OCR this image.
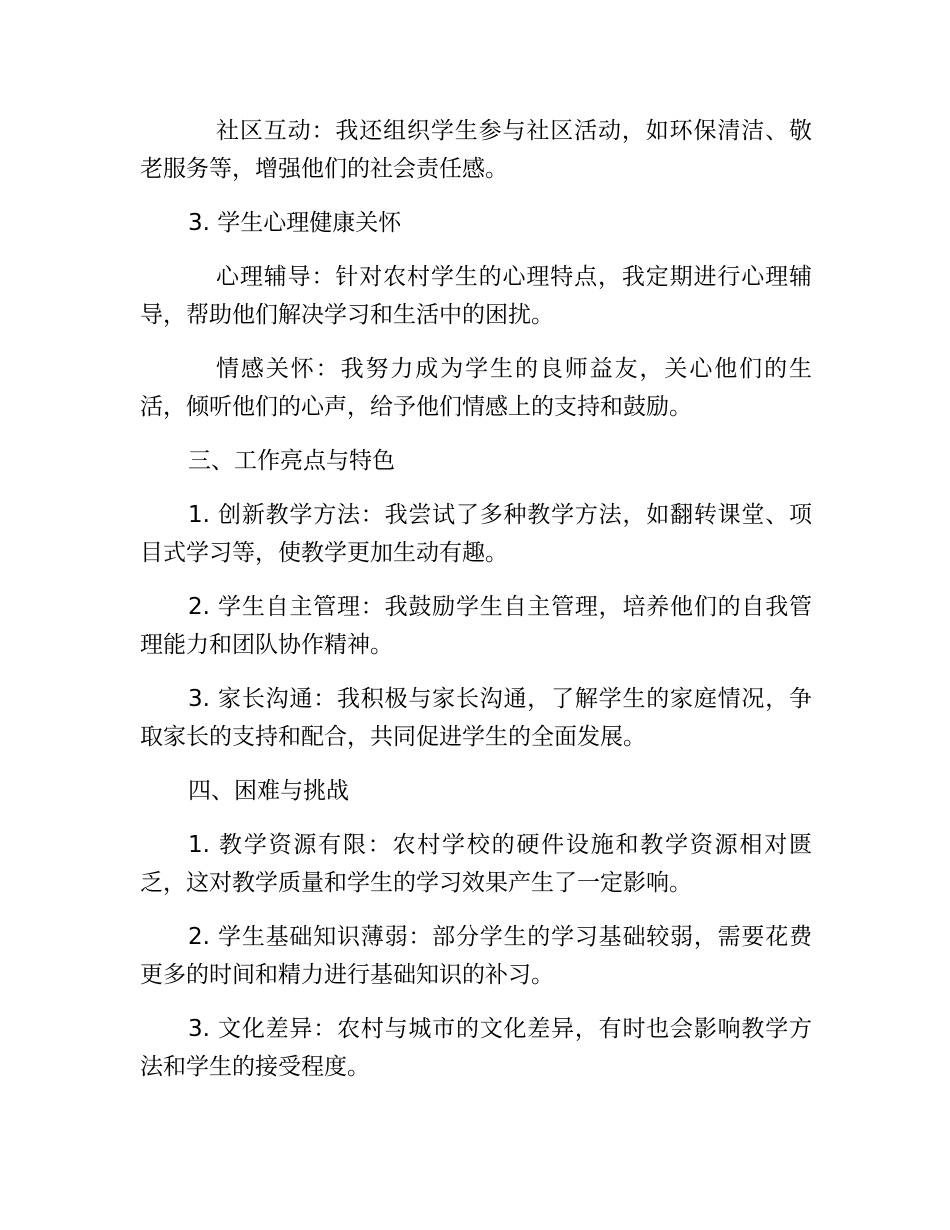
社区互动：我还组织学生参与社区活动，如环保清洁、敬老服务等，增强他们的社会责任感。

3. 学生心理健康关怀

心理辅导：针对农村学生的心理特点，我定期进行心理辅导，帮助他们解决学习和生活中的困扰。

情感关怀：我努力成为学生的良师益友，关心他们的生活，倾听他们的心声，给予他们情感上的支持和鼓励。

三、工作亮点与特色

1. 创新教学方法：我尝试了多种教学方法，如翻转课堂、项目式学习等，使教学更加生动有趣。

2. 学生自主管理：我鼓励学生自主管理，培养他们的自我管理能力和团队协作精神。

3. 家长沟通：我积极与家长沟通，了解学生的家庭情况，争取家长的支持和配合，共同促进学生的全面发展。

四、困难与挑战

1. 教学资源有限：农村学校的硬件设施和教学资源相对匮乏，这对教学质量和学生的学习效果产生了一定影响。

2. 学生基础知识薄弱：部分学生的学习基础较弱，需要花费更多的时间和精力进行基础知识的补习。

3. 文化差异：农村与城市的文化差异，有时也会影响教学方法和学生的接受程度。
